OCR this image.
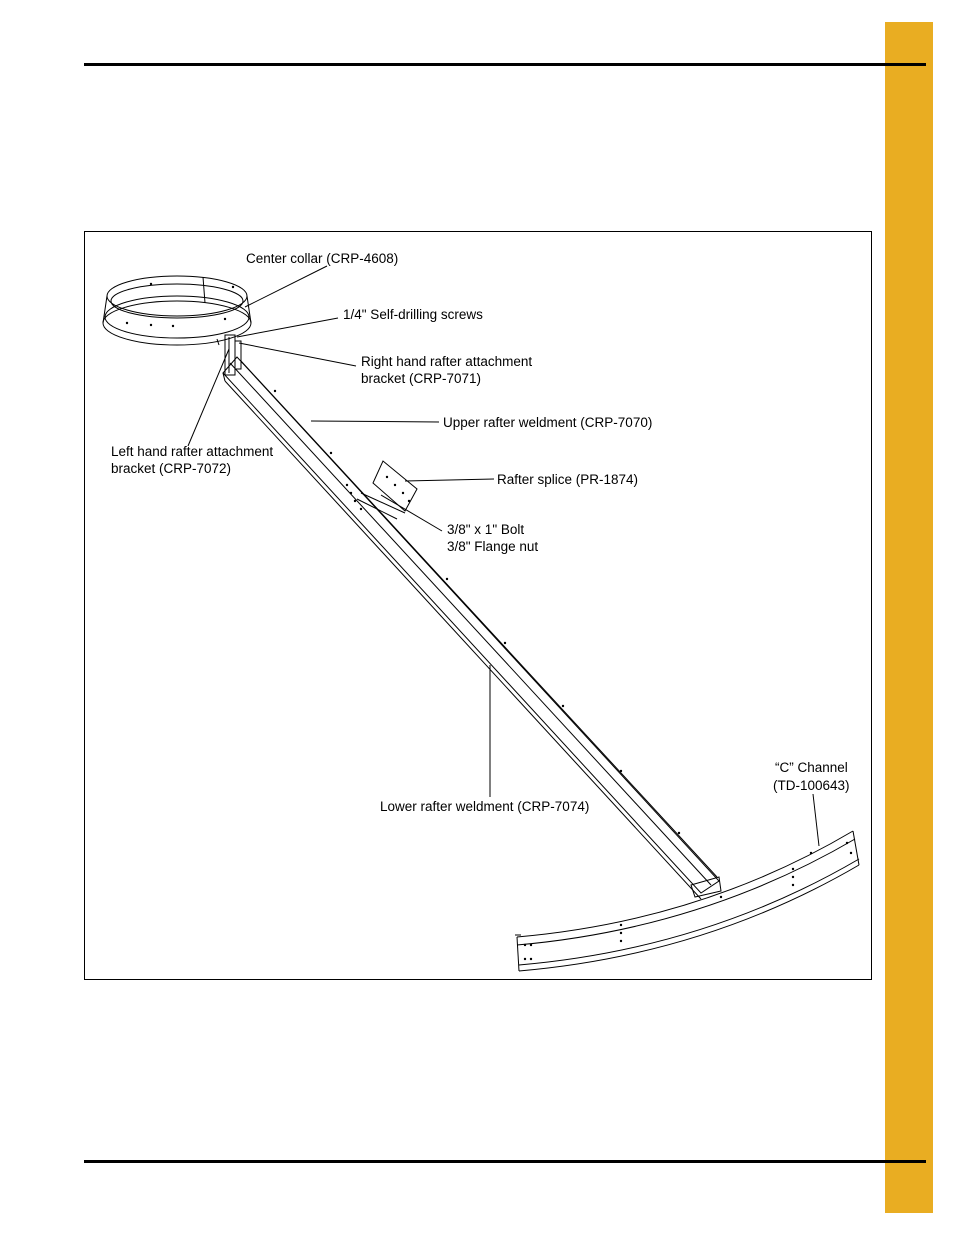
Center collar (CRP-4608)
1/4" Self-drilling screws
Right hand rafter attachment
bracket (CRP-7071)
Upper rafter weldment (CRP-7070)
Left hand rafter attachment
bracket (CRP-7072)
Rafter splice (PR-1874)
3/8" x 1" Bolt
3/8" Flange nut
“C” Channel
(TD-100643)
Lower rafter weldment (CRP-7074)
